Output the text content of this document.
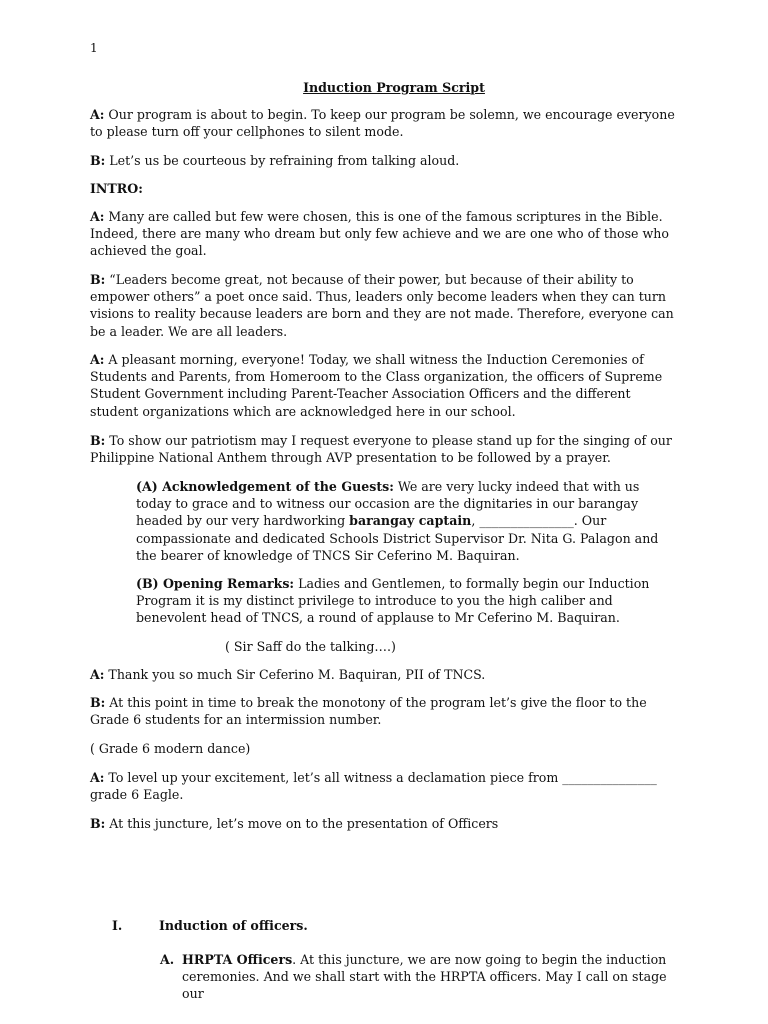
1
Induction Program Script

A: Our program is about to begin. To keep our program be solemn, we encourage everyone to please turn off your cellphones to silent mode.

B: Let’s us be courteous by refraining from talking aloud.

INTRO:

A: Many are called but few were chosen, this is one of the famous scriptures in the Bible. Indeed, there are many who dream but only few achieve and we are one who of those who achieved the goal.

B: “Leaders become great, not because of their power, but because of their ability to empower others” a poet once said. Thus, leaders only become leaders when they can turn visions to reality because leaders are born and they are not made. Therefore, everyone can be a leader. We are all leaders.

A: A pleasant morning, everyone! Today, we shall witness the Induction Ceremonies of Students and Parents, from Homeroom to the Class organization, the officers of Supreme Student Government including Parent-Teacher Association Officers and the different student organizations which are acknowledged here in our school.

B: To show our patriotism may I request everyone to please stand up for the singing of our Philippine National Anthem through AVP presentation to be followed by a prayer.

(A) Acknowledgement of the Guests: We are very lucky indeed that with us today to grace and to witness our occasion are the dignitaries in our barangay headed by our very hardworking barangay captain, _______________. Our compassionate and dedicated Schools District Supervisor Dr. Nita G. Palagon and the bearer of knowledge of TNCS Sir Ceferino M. Baquiran.

(B) Opening Remarks: Ladies and Gentlemen, to formally begin our Induction Program it is my distinct privilege to introduce to you the high caliber and benevolent head of TNCS, a round of applause to Mr Ceferino M. Baquiran.

( Sir Saff do the talking….)

A: Thank you so much Sir Ceferino M. Baquiran, PII of TNCS.

B: At this point in time to break the monotony of the program let’s give the floor to the Grade 6 students for an intermission number.

( Grade 6 modern dance)

A: To level up your excitement, let’s all witness a declamation piece from _______________ grade 6 Eagle.

B: At this juncture, let’s move on to the presentation of Officers

I.	Induction of officers.
A. HRPTA Officers. At this juncture, we are now going to begin the induction ceremonies. And we shall start with the HRPTA officers. May I call on stage our
